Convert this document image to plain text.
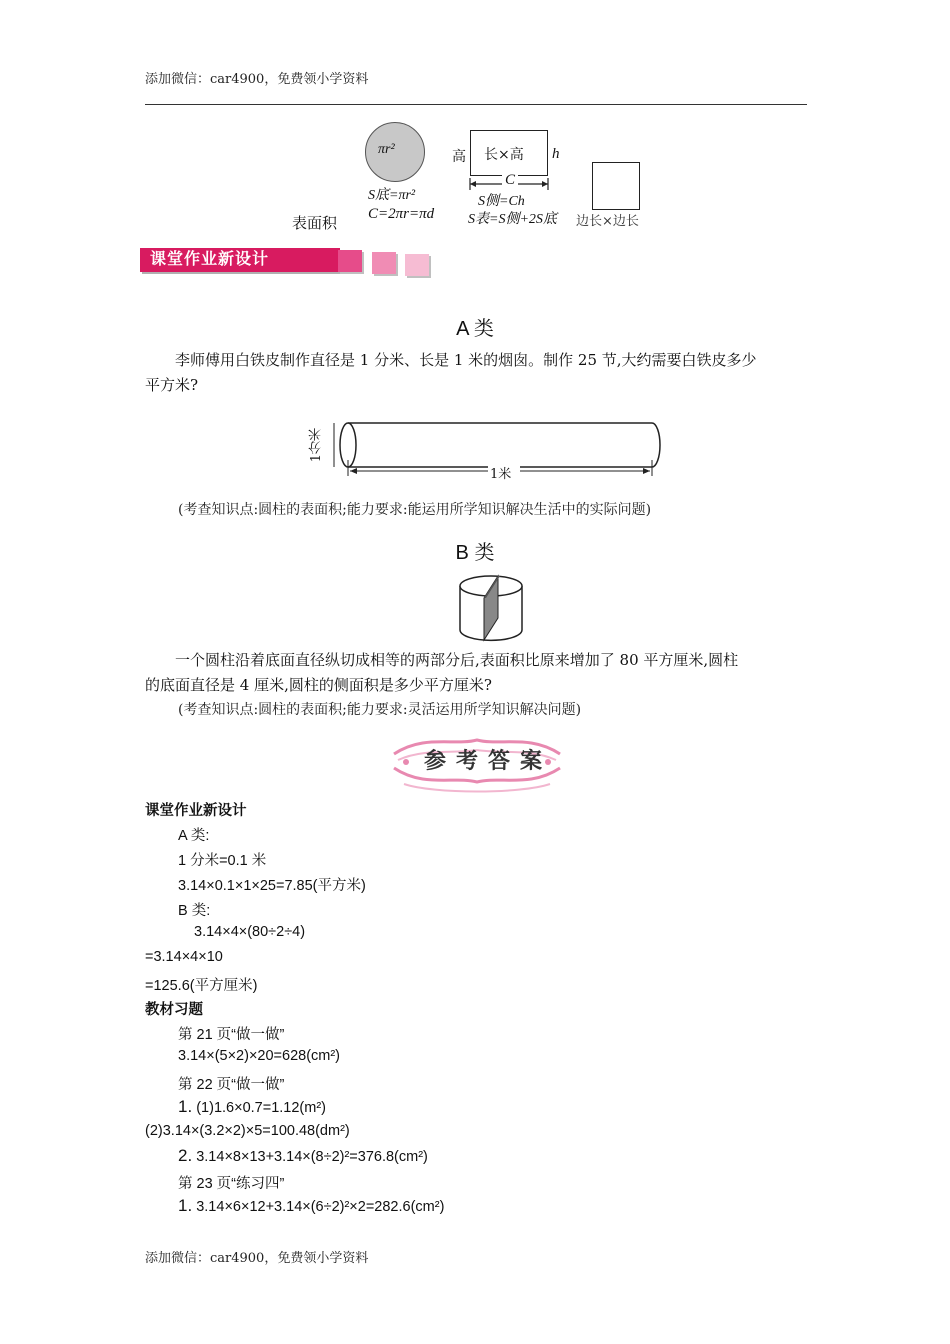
添加微信：car4900，免费领小学资料
πr²
S底=πr²
C=2πr=πd
表面积
高 长×高 h
C
S侧=Ch
S表=S侧+2S底 边长×边长
课堂作业新设计
A 类
李师傅用白铁皮制作直径是 1 分米、长是 1 米的烟囱。制作 25 节,大约需要白铁皮多少
平方米?
1分米
1米
(考查知识点:圆柱的表面积;能力要求:能运用所学知识解决生活中的实际问题)
B 类
一个圆柱沿着底面直径纵切成相等的两部分后,表面积比原来增加了 80 平方厘米,圆柱
的底面直径是 4 厘米,圆柱的侧面积是多少平方厘米?
(考查知识点:圆柱的表面积;能力要求:灵活运用所学知识解决问题)
参考答案
课堂作业新设计
A 类:
1 分米=0.1 米
3.14×0.1×1×25=7.85(平方米)
B 类:
3.14×4×(80÷2÷4)
=3.14×4×10
=125.6(平方厘米)
教材习题
第 21 页“做一做”
3.14×(5×2)×20=628(cm²)
第 22 页“做一做”
1. (1)1.6×0.7=1.12(m²)
(2)3.14×(3.2×2)×5=100.48(dm²)
2. 3.14×8×13+3.14×(8÷2)²=376.8(cm²)
第 23 页“练习四”
1. 3.14×6×12+3.14×(6÷2)²×2=282.6(cm²)
添加微信：car4900，免费领小学资料
